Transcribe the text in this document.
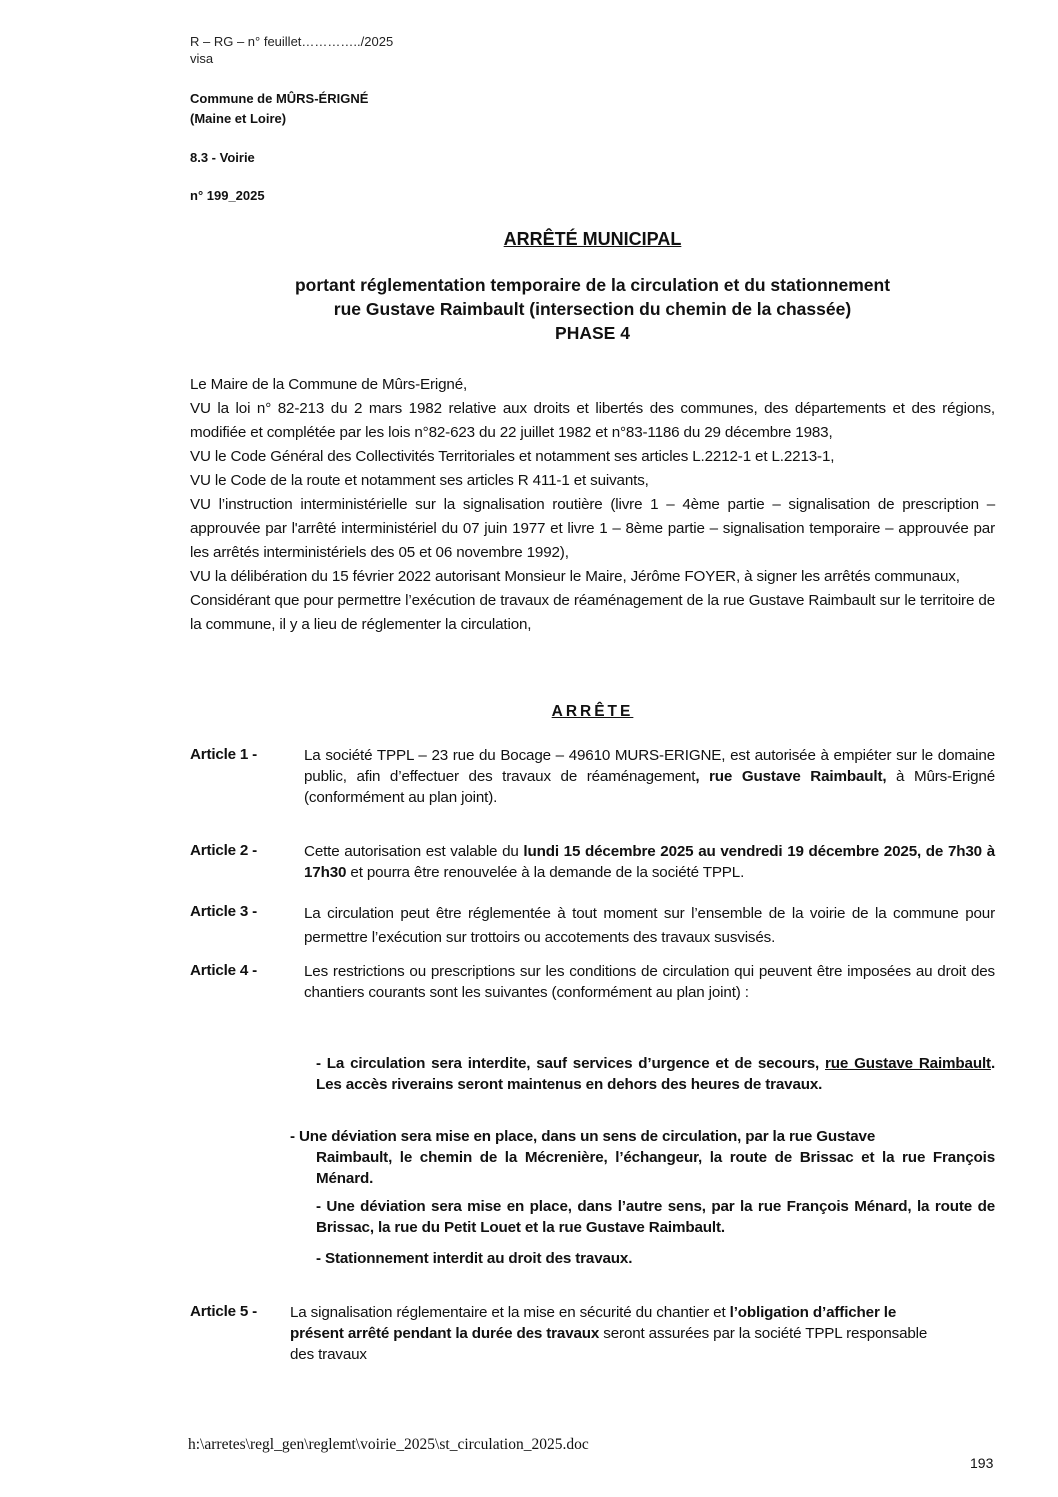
R – RG – n° feuillet…………../2025
visa
Commune de MÛRS-ÉRIGNÉ
(Maine et Loire)
8.3 - Voirie
n° 199_2025
ARRÊTÉ MUNICIPAL
portant réglementation temporaire de la circulation et du stationnement
rue Gustave Raimbault (intersection du chemin de la chassée)
PHASE 4

Le Maire de la Commune de Mûrs-Erigné,

VU la loi n° 82-213 du 2 mars 1982 relative aux droits et libertés des communes, des départements et des régions, modifiée et complétée par les lois n°82-623 du 22 juillet 1982 et n°83-1186 du 29 décembre 1983,

VU le Code Général des Collectivités Territoriales et notamment ses articles L.2212-1 et L.2213-1,

VU le Code de la route et notamment ses articles R 411-1 et suivants,

VU l’instruction interministérielle sur la signalisation routière (livre 1 – 4ème partie – signalisation de prescription – approuvée par l'arrêté interministériel du 07 juin 1977 et livre 1 – 8ème partie – signalisation temporaire – approuvée par les arrêtés interministériels des 05 et 06 novembre 1992),

VU la délibération du 15 février 2022 autorisant Monsieur le Maire, Jérôme FOYER, à signer les arrêtés communaux,

Considérant que pour permettre l’exécution de travaux de réaménagement de la rue Gustave Raimbault sur le territoire de la commune, il y a lieu de réglementer la circulation,

ARRÊTE
Article 1 -	La société TPPL – 23 rue du Bocage – 49610 MURS-ERIGNE, est autorisée à empiéter sur le domaine public, afin d’effectuer des travaux de réaménagement, rue Gustave Raimbault, à Mûrs-Erigné (conformément au plan joint).
Article 2 -	Cette autorisation est valable du lundi 15 décembre 2025 au vendredi 19 décembre 2025, de 7h30 à 17h30 et pourra être renouvelée à la demande de la société TPPL.
Article 3 -	La circulation peut être réglementée à tout moment sur l’ensemble de la voirie de la commune pour permettre l’exécution sur trottoirs ou accotements des travaux susvisés.
Article 4 -	Les restrictions ou prescriptions sur les conditions de circulation qui peuvent être imposées au droit des chantiers courants sont les suivantes (conformément au plan joint) :
- La circulation sera interdite, sauf services d’urgence et de secours, rue Gustave Raimbault. Les accès riverains seront maintenus en dehors des heures de travaux.
- Une déviation sera mise en place, dans un sens de circulation, par la rue Gustave
Raimbault, le chemin de la Mécrenière, l’échangeur, la route de Brissac et la rue François Ménard.
- Une déviation sera mise en place, dans l’autre sens, par la rue François Ménard, la route de Brissac, la rue du Petit Louet et la rue Gustave Raimbault.
- Stationnement interdit au droit des travaux.
Article 5 - La signalisation réglementaire et la mise en sécurité du chantier et l’obligation d’afficher le présent arrêté pendant la durée des travaux seront assurées par la société TPPL responsable des travaux
h:\arretes\regl_gen\reglemt\voirie_2025\st_circulation_2025.doc
193
